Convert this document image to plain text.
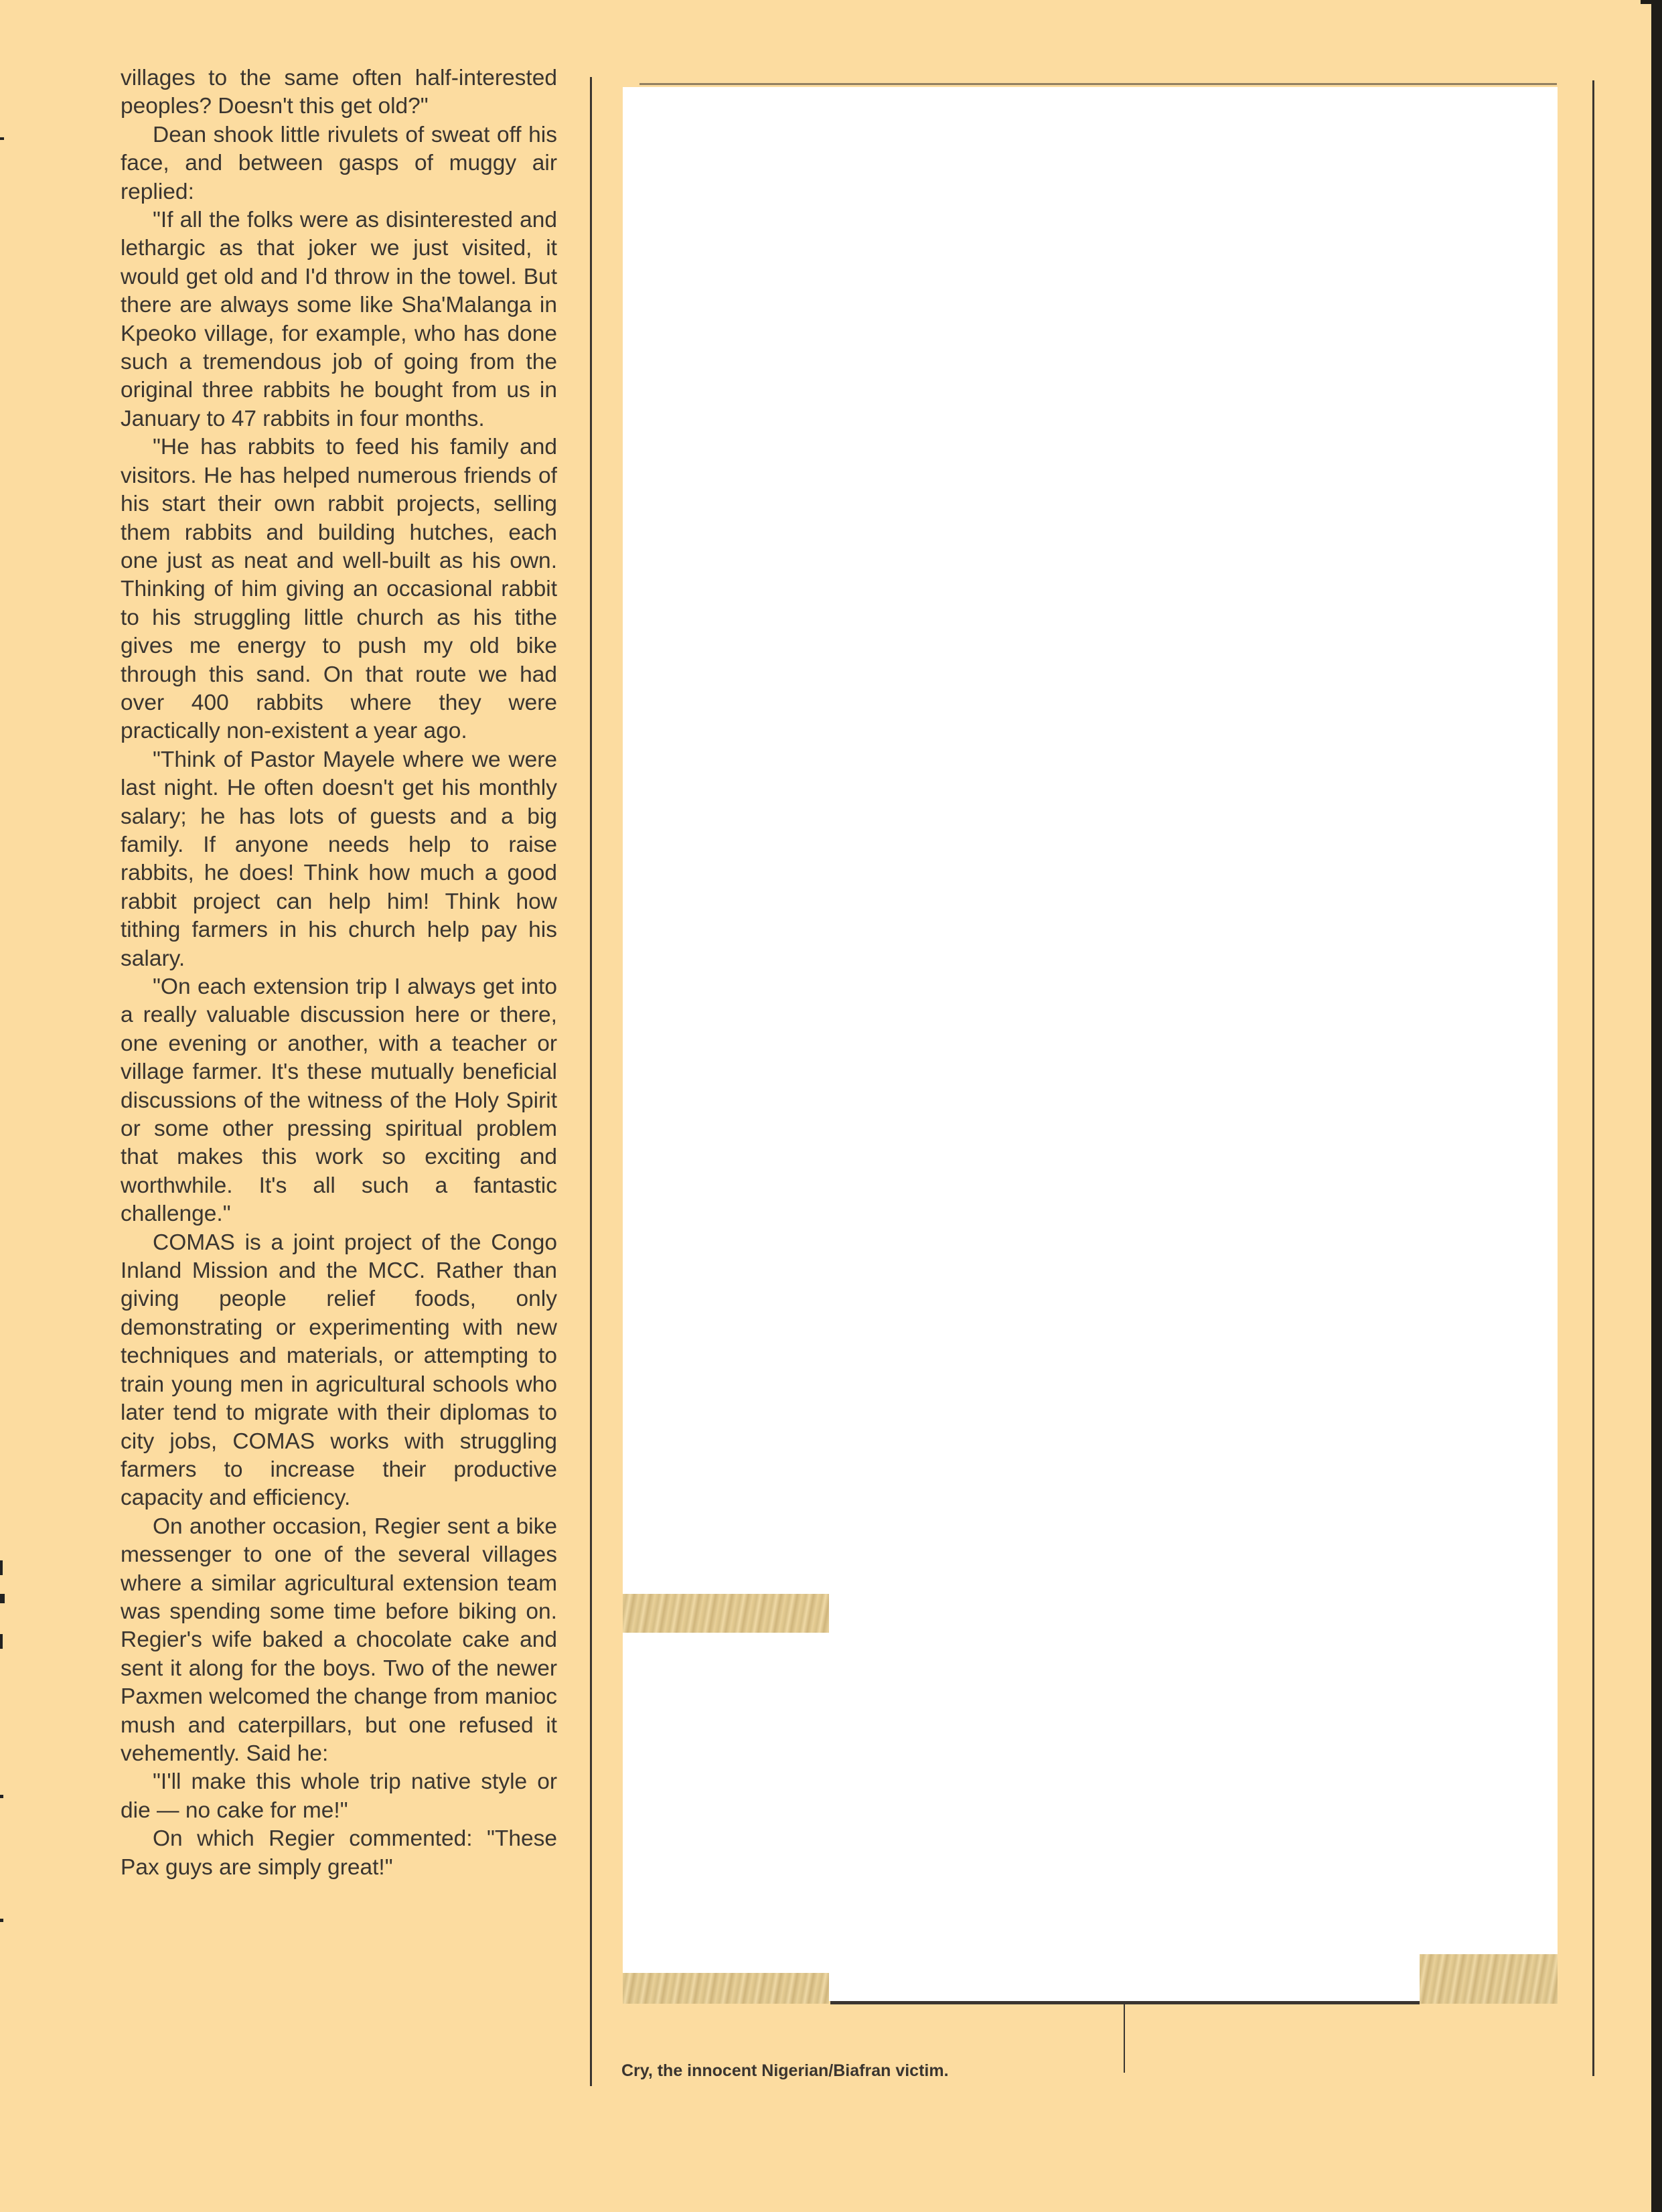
villages to the same often half-interested peoples? Doesn't this get old?"

Dean shook little rivulets of sweat off his face, and between gasps of muggy air replied:

"If all the folks were as disinterested and lethargic as that joker we just visited, it would get old and I'd throw in the towel. But there are always some like Sha'Malanga in Kpeoko village, for example, who has done such a tremendous job of going from the original three rabbits he bought from us in January to 47 rabbits in four months.

"He has rabbits to feed his family and visitors. He has helped numerous friends of his start their own rabbit projects, selling them rabbits and building hutches, each one just as neat and well-built as his own. Thinking of him giving an occasional rabbit to his struggling little church as his tithe gives me energy to push my old bike through this sand. On that route we had over 400 rabbits where they were practically non-existent a year ago.

"Think of Pastor Mayele where we were last night. He often doesn't get his monthly salary; he has lots of guests and a big family. If anyone needs help to raise rabbits, he does! Think how much a good rabbit project can help him! Think how tithing farmers in his church help pay his salary.

"On each extension trip I always get into a really valuable discussion here or there, one evening or another, with a teacher or village farmer. It's these mutually beneficial discussions of the witness of the Holy Spirit or some other pressing spiritual problem that makes this work so exciting and worthwhile. It's all such a fantastic challenge."

COMAS is a joint project of the Congo Inland Mission and the MCC. Rather than giving people relief foods, only demonstrating or experimenting with new techniques and materials, or attempting to train young men in agricultural schools who later tend to migrate with their diplomas to city jobs, COMAS works with struggling farmers to increase their productive capacity and efficiency.

On another occasion, Regier sent a bike messenger to one of the several villages where a similar agricultural extension team was spending some time before biking on. Regier's wife baked a chocolate cake and sent it along for the boys. Two of the newer Paxmen welcomed the change from manioc mush and caterpillars, but one refused it vehemently. Said he:

"I'll make this whole trip native style or die — no cake for me!"

On which Regier commented: "These Pax guys are simply great!"

Cry, the innocent Nigerian/Biafran victim.
